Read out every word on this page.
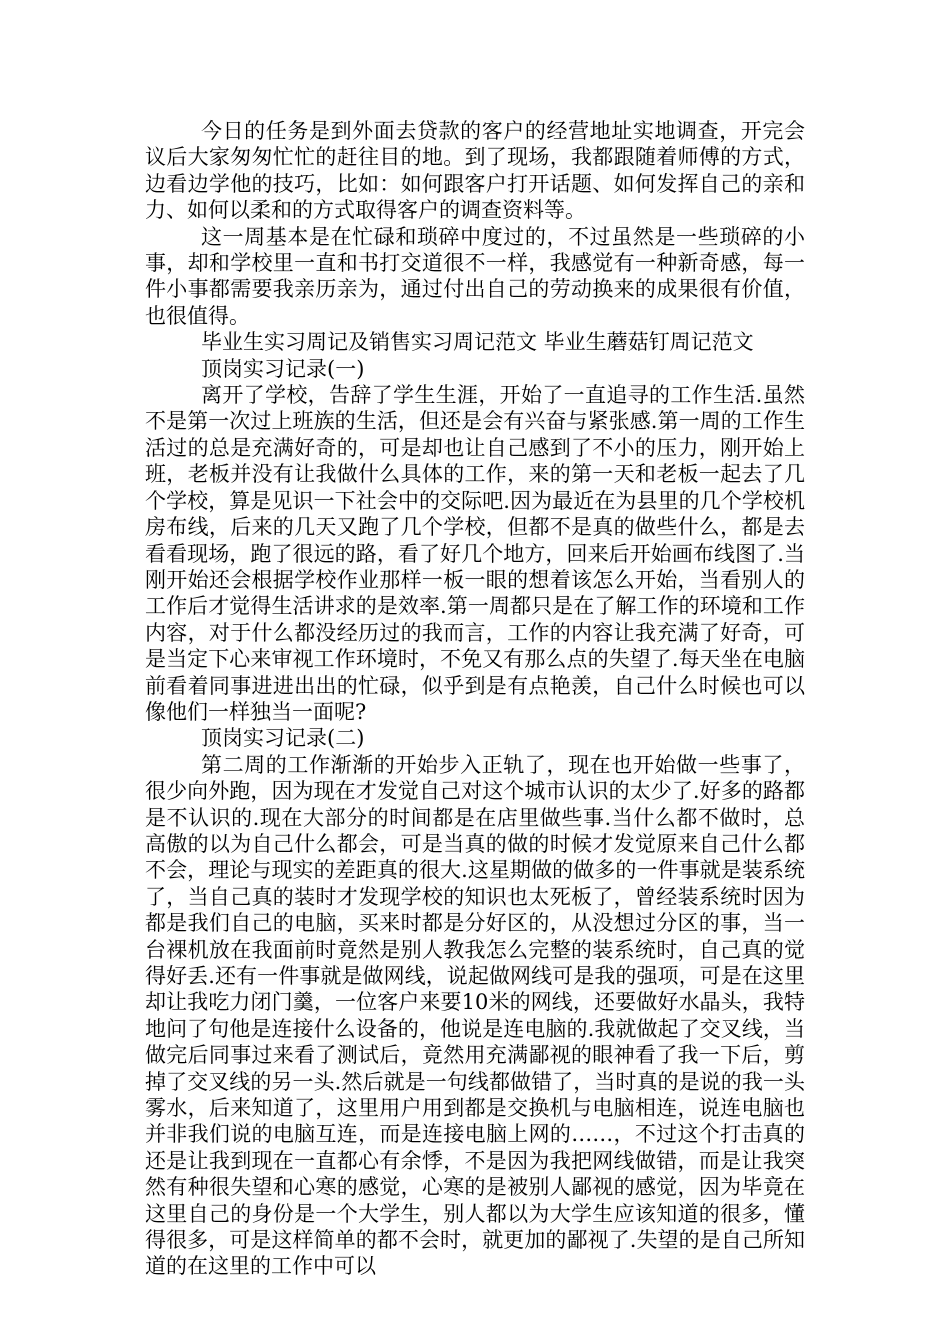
今日的任务是到外面去贷款的客户的经营地址实地调查，开完会议后大家匆匆忙忙的赶往目的地。到了现场，我都跟随着师傅的方式，边看边学他的技巧，比如：如何跟客户打开话题、如何发挥自己的亲和力、如何以柔和的方式取得客户的调查资料等。

这一周基本是在忙碌和琐碎中度过的，不过虽然是一些琐碎的小事，却和学校里一直和书打交道很不一样，我感觉有一种新奇感，每一件小事都需要我亲历亲为，通过付出自己的劳动换来的成果很有价值，也很值得。

毕业生实习周记及销售实习周记范文 毕业生蘑菇钉周记范文

顶岗实习记录(一)

离开了学校，告辞了学生生涯，开始了一直追寻的工作生活.虽然不是第一次过上班族的生活，但还是会有兴奋与紧张感.第一周的工作生活过的总是充满好奇的，可是却也让自己感到了不小的压力，刚开始上班，老板并没有让我做什么具体的工作，来的第一天和老板一起去了几个学校，算是见识一下社会中的交际吧.因为最近在为县里的几个学校机房布线，后来的几天又跑了几个学校，但都不是真的做些什么，都是去看看现场，跑了很远的路，看了好几个地方，回来后开始画布线图了.当刚开始还会根据学校作业那样一板一眼的想着该怎么开始，当看别人的工作后才觉得生活讲求的是效率.第一周都只是在了解工作的环境和工作内容，对于什么都没经历过的我而言，工作的内容让我充满了好奇，可是当定下心来审视工作环境时，不免又有那么点的失望了.每天坐在电脑前看着同事进进出出的忙碌，似乎到是有点艳羡，自己什么时候也可以像他们一样独当一面呢?

顶岗实习记录(二)

第二周的工作渐渐的开始步入正轨了，现在也开始做一些事了，很少向外跑，因为现在才发觉自己对这个城市认识的太少了.好多的路都是不认识的.现在大部分的时间都是在店里做些事.当什么都不做时，总高傲的以为自己什么都会，可是当真的做的时候才发觉原来自己什么都不会，理论与现实的差距真的很大.这星期做的做多的一件事就是装系统了，当自己真的装时才发现学校的知识也太死板了，曾经装系统时因为都是我们自己的电脑，买来时都是分好区的，从没想过分区的事，当一台裸机放在我面前时竟然是别人教我怎么完整的装系统时，自己真的觉得好丢.还有一件事就是做网线，说起做网线可是我的强项，可是在这里却让我吃力闭门羹，一位客户来要10米的网线，还要做好水晶头，我特地问了句他是连接什么设备的，他说是连电脑的.我就做起了交叉线，当做完后同事过来看了测试后，竟然用充满鄙视的眼神看了我一下后，剪掉了交叉线的另一头.然后就是一句线都做错了，当时真的是说的我一头雾水，后来知道了，这里用户用到都是交换机与电脑相连，说连电脑也并非我们说的电脑互连，而是连接电脑上网的……，不过这个打击真的还是让我到现在一直都心有余悸，不是因为我把网线做错，而是让我突然有种很失望和心寒的感觉，心寒的是被别人鄙视的感觉，因为毕竟在这里自己的身份是一个大学生，别人都以为大学生应该知道的很多，懂得很多，可是这样简单的都不会时，就更加的鄙视了.失望的是自己所知道的在这里的工作中可以
